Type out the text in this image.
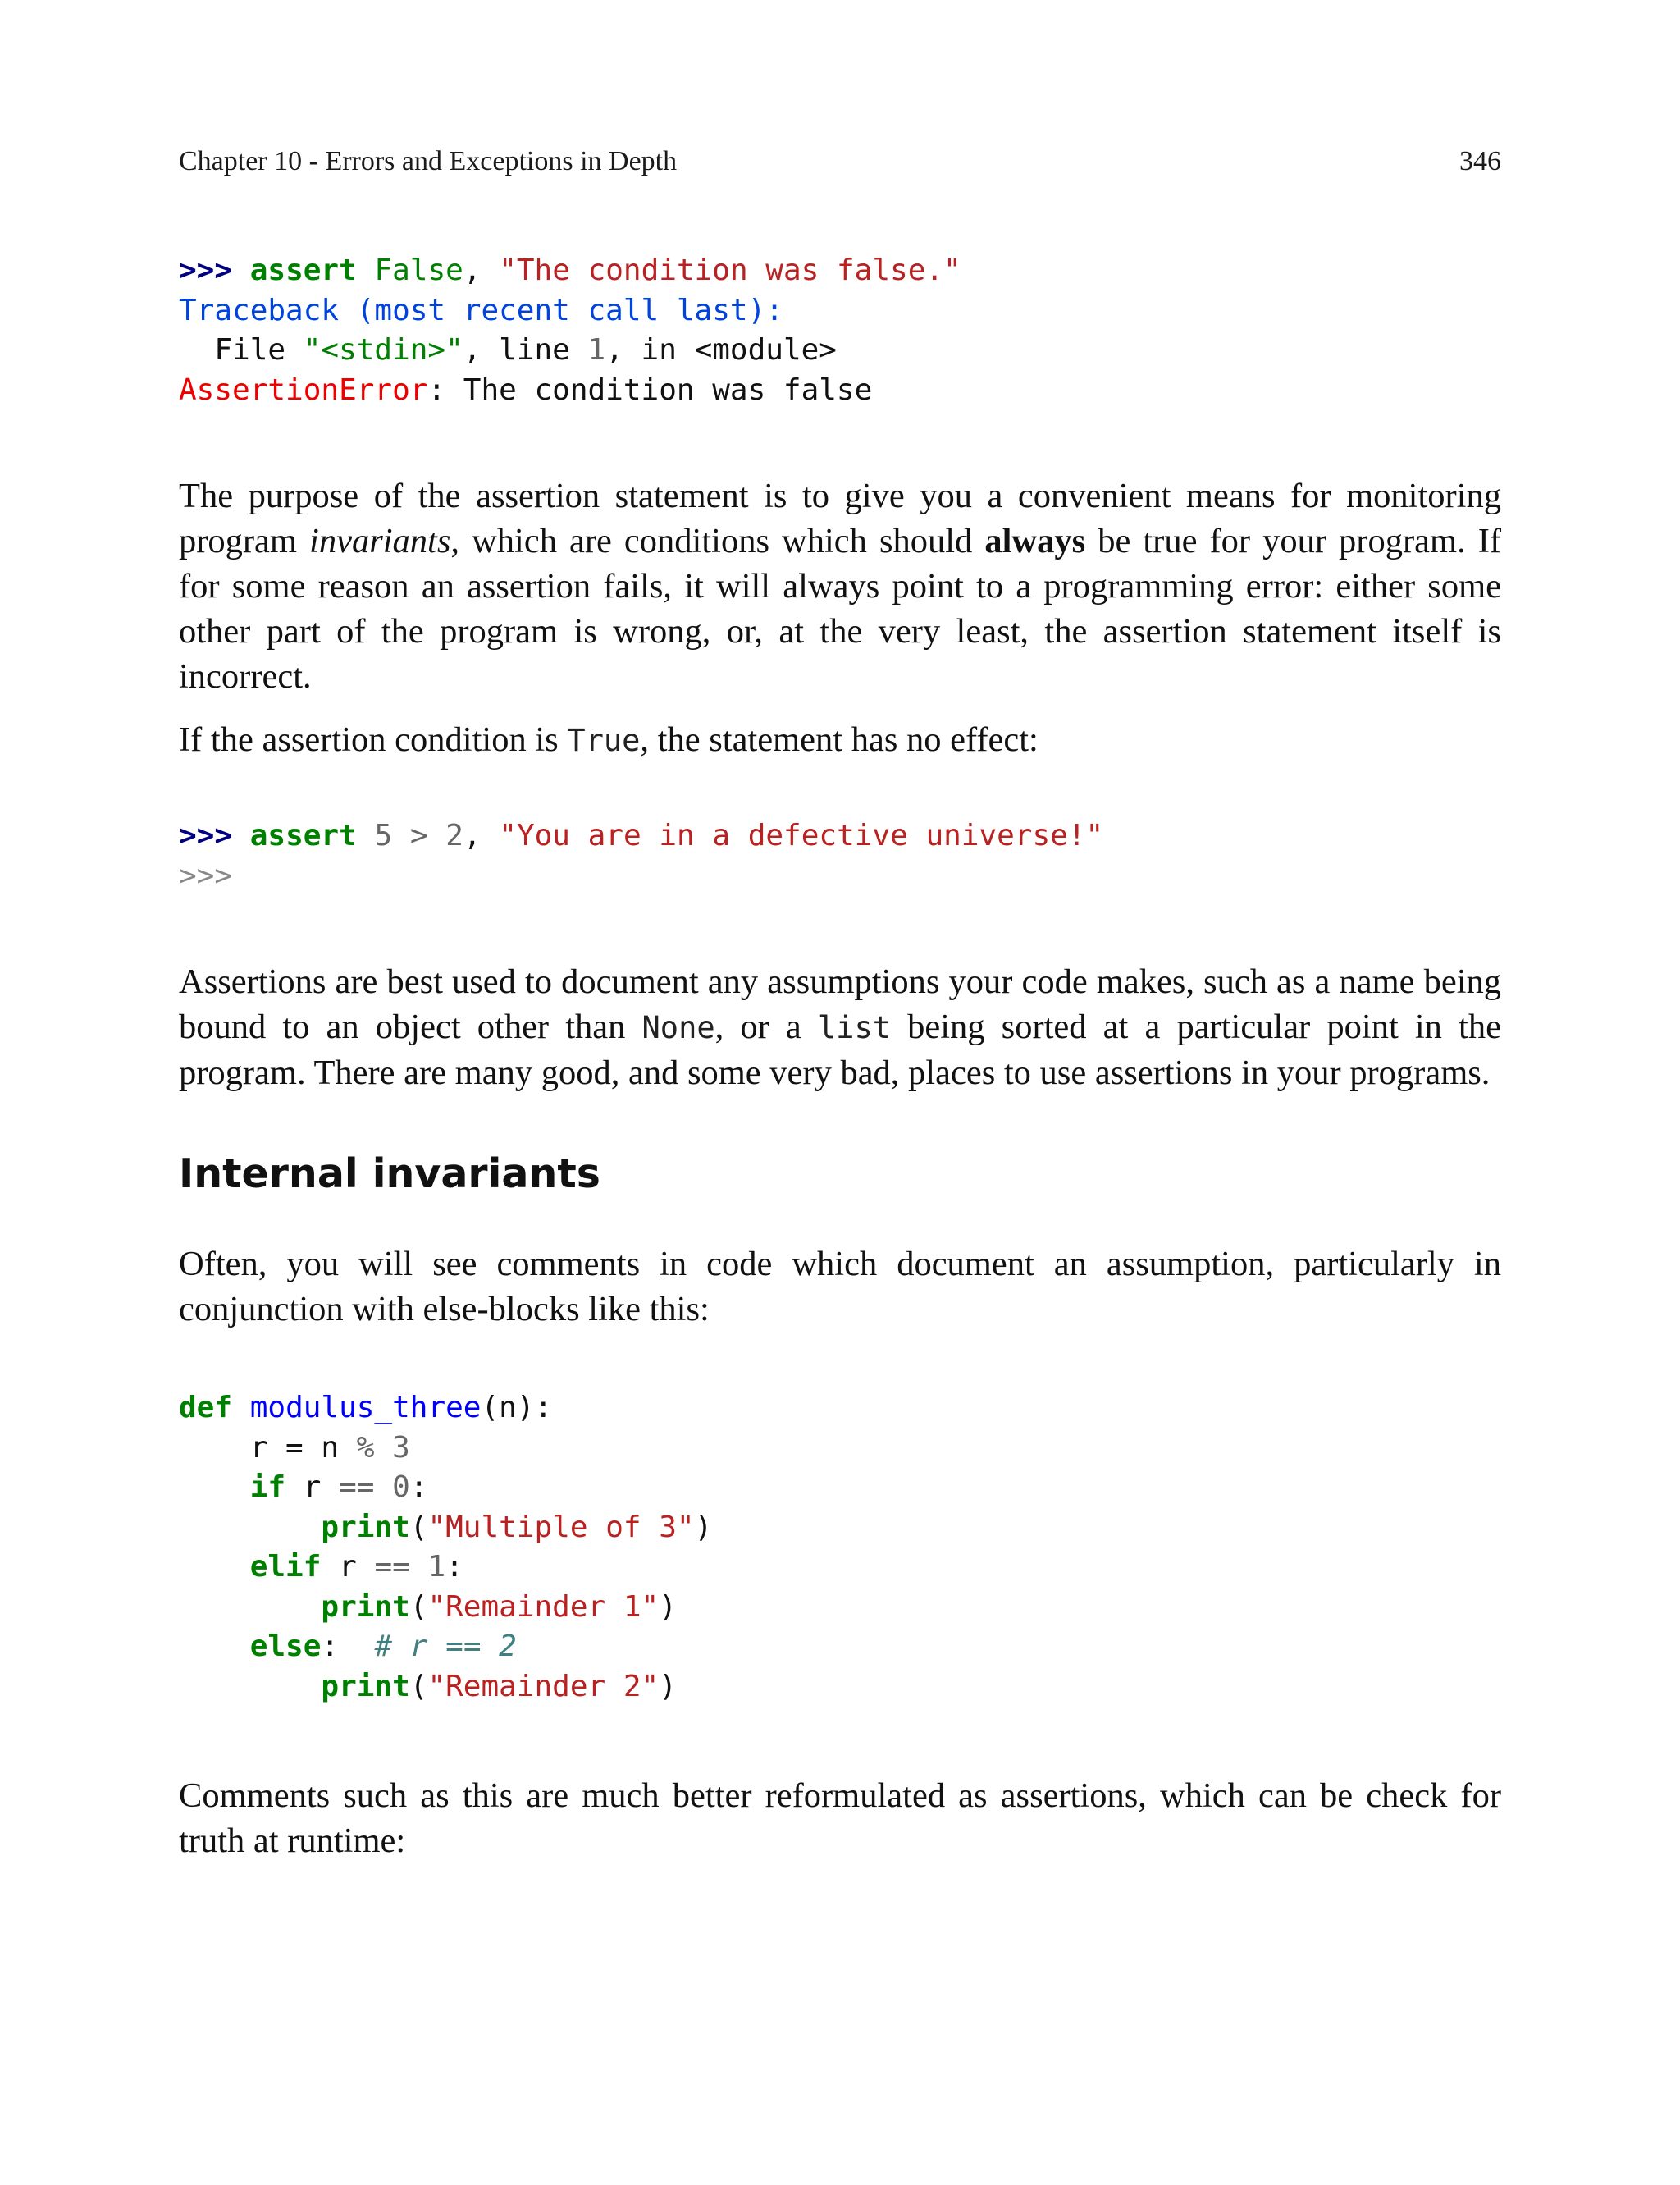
Chapter 10 - Errors and Exceptions in Depth	346
>>> assert False, "The condition was false."
Traceback (most recent call last):
File "<stdin>", line 1, in <module>
AssertionError: The condition was false

The purpose of the assertion statement is to give you a convenient means for monitoring program invariants, which are conditions which should always be true for your program. If for some reason an assertion fails, it will always point to a programming error: either some other part of the program is wrong, or, at the very least, the assertion statement itself is incorrect.

If the assertion condition is True, the statement has no effect:

>>> assert 5 > 2, "You are in a defective universe!"
>>>

Assertions are best used to document any assumptions your code makes, such as a name being bound to an object other than None, or a list being sorted at a particular point in the program. There are many good, and some very bad, places to use assertions in your programs.

Internal invariants

Often, you will see comments in code which document an assumption, particularly in conjunction with else-blocks like this:

def modulus_three(n):
r = n % 3
if r == 0:
print("Multiple of 3")
elif r == 1:
print("Remainder 1")
else: # r == 2
print("Remainder 2")

Comments such as this are much better reformulated as assertions, which can be check for truth at runtime:
